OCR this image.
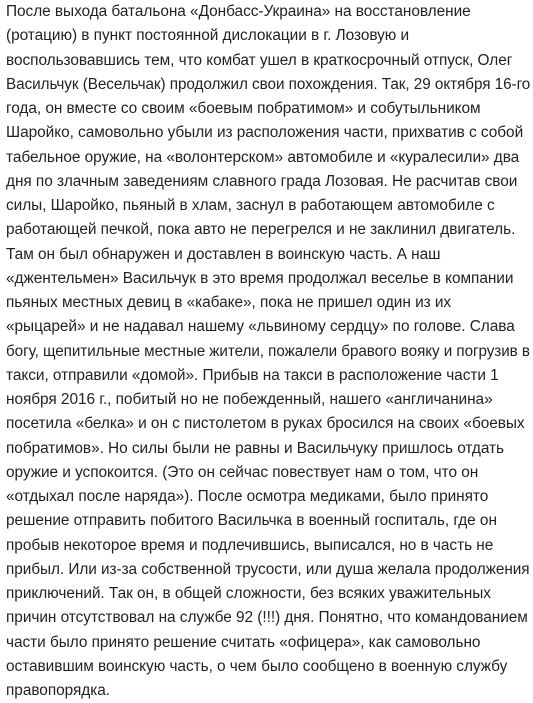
После выхода батальона «Донбасс-Украина» на восстановление
(ротацию) в пункт постоянной дислокации в г. Лозовую и
воспользовавшись тем, что комбат ушел в краткосрочный отпуск, Олег
Васильчук (Весельчак) продолжил свои похождения. Так, 29 октября 16-го
года, он вместе со своим «боевым побратимом» и собутыльником
Шаройко, самовольно убыли из расположения части, прихватив с собой
табельное оружие, на «волонтерском» автомобиле и «куралесили» два
дня по злачным заведениям славного града Лозовая. Не расчитав свои
силы, Шаройко, пьяный в хлам, заснул в работающем автомобиле с
работающей печкой, пока авто не перегрелся и не заклинил двигатель.
Там он был обнаружен и доставлен в воинскую часть. А наш
«джентельмен» Васильчук в это время продолжал веселье в компании
пьяных местных девиц в «кабаке», пока не пришел один из их
«рыцарей» и не надавал нашему «львиному сердцу» по голове. Слава
богу, щепитильные местные жители, пожалели бравого вояку и погрузив в
такси, отправили «домой». Прибыв на такси в расположение части 1
ноября 2016 г., побитый но не побежденный, нашего «англичанина»
посетила «белка» и он с пистолетом в руках бросился на своих «боевых
побратимов». Но силы были не равны и Васильчуку пришлось отдать
оружие и успокоится. (Это он сейчас повествует нам о том, что он
«отдыхал после наряда»). После осмотра медиками, было принято
решение отправить побитого Васильчка в военный госпиталь, где он
пробыв некоторое время и подлечившись, выписался, но в часть не
прибыл. Или из-за собственной трусости, или душа желала продолжения
приключений. Так он, в общей сложности, без всяких уважительных
причин отсутствовал на службе 92 (!!!) дня. Понятно, что командованием
части было принято решение считать «офицера», как самовольно
оставившим воинскую часть, о чем было сообщено в военную службу
правопорядка.
